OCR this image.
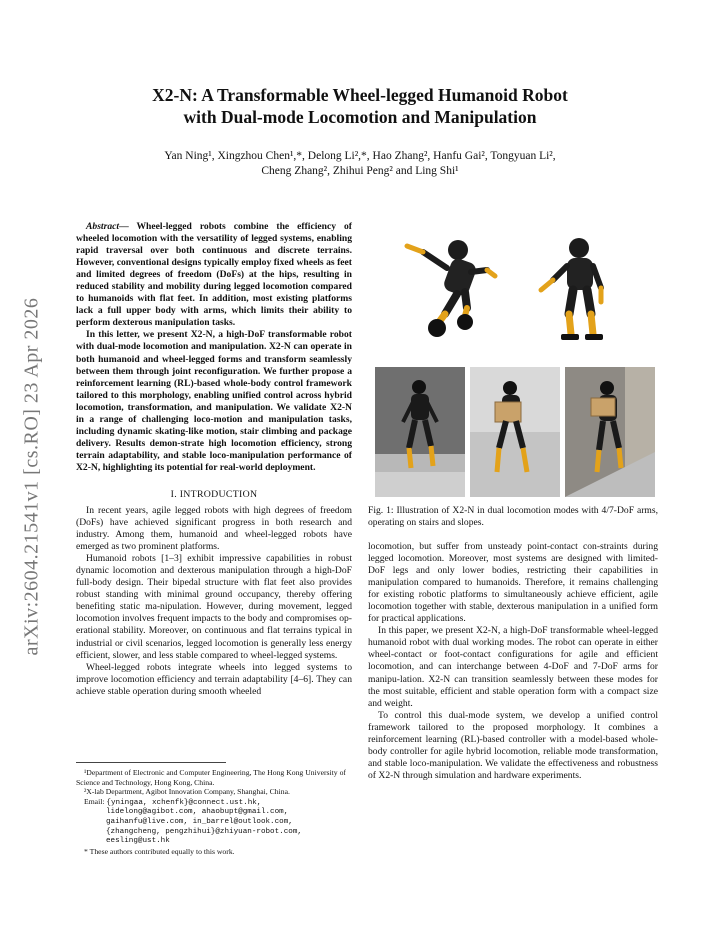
arXiv:2604.21541v1 [cs.RO] 23 Apr 2026
X2-N: A Transformable Wheel-legged Humanoid Robot
with Dual-mode Locomotion and Manipulation
Yan Ning¹, Xingzhou Chen¹,*, Delong Li²,*, Hao Zhang², Hanfu Gai², Tongyuan Li²,
Cheng Zhang², Zhihui Peng² and Ling Shi¹

Abstract— Wheel-legged robots combine the efficiency of wheeled locomotion with the versatility of legged systems, enabling rapid traversal over both continuous and discrete terrains. However, conventional designs typically employ fixed wheels as feet and limited degrees of freedom (DoFs) at the hips, resulting in reduced stability and mobility during legged locomotion compared to humanoids with flat feet. In addition, most existing platforms lack a full upper body with arms, which limits their ability to perform dexterous manipulation tasks.

In this letter, we present X2-N, a high-DoF transformable robot with dual-mode locomotion and manipulation. X2-N can operate in both humanoid and wheel-legged forms and transform seamlessly between them through joint reconfiguration. We further propose a reinforcement learning (RL)-based whole-body control framework tailored to this morphology, enabling unified control across hybrid locomotion, transformation, and manipulation. We validate X2-N in a range of challenging loco-motion and manipulation tasks, including dynamic skating-like motion, stair climbing and package delivery. Results demon-strate high locomotion efficiency, strong terrain adaptability, and stable loco-manipulation performance of X2-N, highlighting its potential for real-world deployment.

I. INTRODUCTION

In recent years, agile legged robots with high degrees of freedom (DoFs) have achieved significant progress in both research and industry. Among them, humanoid and wheel-legged robots have emerged as two prominent platforms.

Humanoid robots [1–3] exhibit impressive capabilities in robust dynamic locomotion and dexterous manipulation through a high-DoF full-body design. Their bipedal structure with flat feet also provides robust standing with minimal ground occupancy, thereby offering benefiting static ma-nipulation. However, during movement, legged locomotion involves frequent impacts to the body and compromises op-erational stability. Moreover, on continuous and flat terrains typical in industrial or civil scenarios, legged locomotion is generally less energy efficient, slower, and less stable compared to wheel-legged systems.

Wheel-legged robots integrate wheels into legged systems to improve locomotion efficiency and terrain adaptability [4–6]. They can achieve stable operation during smooth wheeled

¹Department of Electronic and Computer Engineering, The Hong Kong University of Science and Technology, Hong Kong, China.
²X-lab Department, Agibot Innovation Company, Shanghai, China.
Email: {yningaa, xchenfk}@connect.ust.hk,
lidelong@agibot.com, ahaobupt@gmail.com,
gaihanfu@live.com, in_barrel@outlook.com,
{zhangcheng, pengzhihui}@zhiyuan-robot.com,
eesling@ust.hk
* These authors contributed equally to this work.
Fig. 1: Illustration of X2-N in dual locomotion modes with 4/7-DoF arms, operating on stairs and slopes.

locomotion, but suffer from unsteady point-contact con-straints during legged locomotion. Moreover, most systems are designed with limited-DoF legs and only lower bodies, restricting their capabilities in manipulation compared to humanoids. Therefore, it remains challenging for existing robotic platforms to simultaneously achieve efficient, agile locomotion together with stable, dexterous manipulation in a unified form for practical applications.

In this paper, we present X2-N, a high-DoF transformable wheel-legged humanoid robot with dual working modes. The robot can operate in either wheel-contact or foot-contact configurations for agile and efficient locomotion, and can interchange between 4-DoF and 7-DoF arms for manipu-lation. X2-N can transition seamlessly between these modes for the most suitable, efficient and stable operation form with a compact size and weight.

To control this dual-mode system, we develop a unified control framework tailored to the proposed morphology. It combines a reinforcement learning (RL)-based controller with a model-based whole-body controller for agile hybrid locomotion, reliable mode transformation, and stable loco-manipulation. We validate the effectiveness and robustness of X2-N through simulation and hardware experiments.
